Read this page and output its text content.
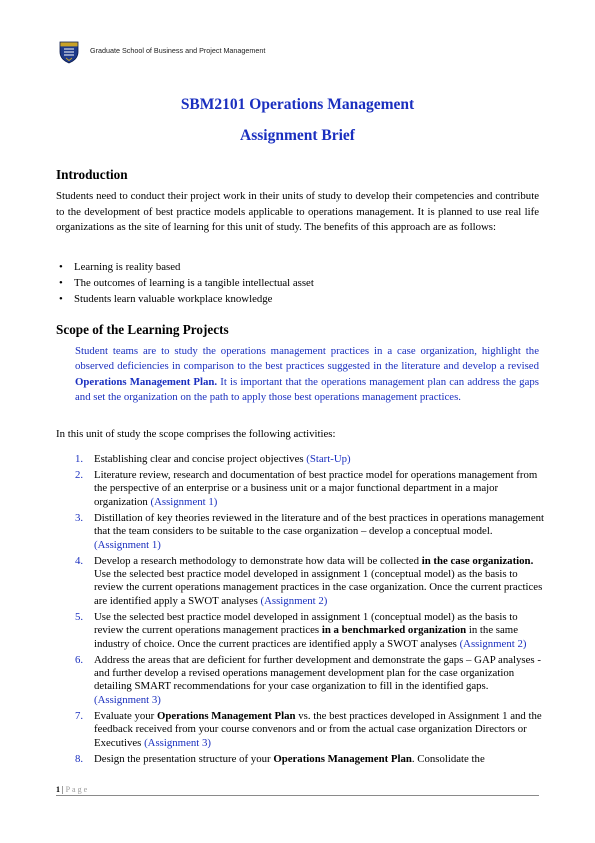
Graduate School of Business and Project Management
SBM2101 Operations Management
Assignment Brief
Introduction
Students need to conduct their project work in their units of study to develop their competencies and contribute to the development of best practice models applicable to operations management. It is planned to use real life organizations as the site of learning for this unit of study. The benefits of this approach are as follows:
• Learning is reality based
• The outcomes of learning is a tangible intellectual asset
• Students learn valuable workplace knowledge
Scope of the Learning Projects
Student teams are to study the operations management practices in a case organization, highlight the observed deficiencies in comparison to the best practices suggested in the literature and develop a revised Operations Management Plan. It is important that the operations management plan can address the gaps and set the organization on the path to apply those best operations management practices.
In this unit of study the scope comprises the following activities:
1. Establishing clear and concise project objectives (Start-Up)
2. Literature review, research and documentation of best practice model for operations management from the perspective of an enterprise or a business unit or a major functional department in a major organization (Assignment 1)
3. Distillation of key theories reviewed in the literature and of the best practices in operations management that the team considers to be suitable to the case organization – develop a conceptual model. (Assignment 1)
4. Develop a research methodology to demonstrate how data will be collected in the case organization. Use the selected best practice model developed in assignment 1 (conceptual model) as the basis to review the current operations management practices in the case organization. Once the current practices are identified apply a SWOT analyses (Assignment 2)
5. Use the selected best practice model developed in assignment 1 (conceptual model) as the basis to review the current operations management practices in a benchmarked organization in the same industry of choice. Once the current practices are identified apply a SWOT analyses (Assignment 2)
6. Address the areas that are deficient for further development and demonstrate the gaps – GAP analyses - and further develop a revised operations management development plan for the case organization detailing SMART recommendations for your case organization to fill in the identified gaps. (Assignment 3)
7. Evaluate your Operations Management Plan vs. the best practices developed in Assignment 1 and the feedback received from your course convenors and or from the actual case organization Directors or Executives (Assignment 3)
8. Design the presentation structure of your Operations Management Plan. Consolidate the
1 | Page
